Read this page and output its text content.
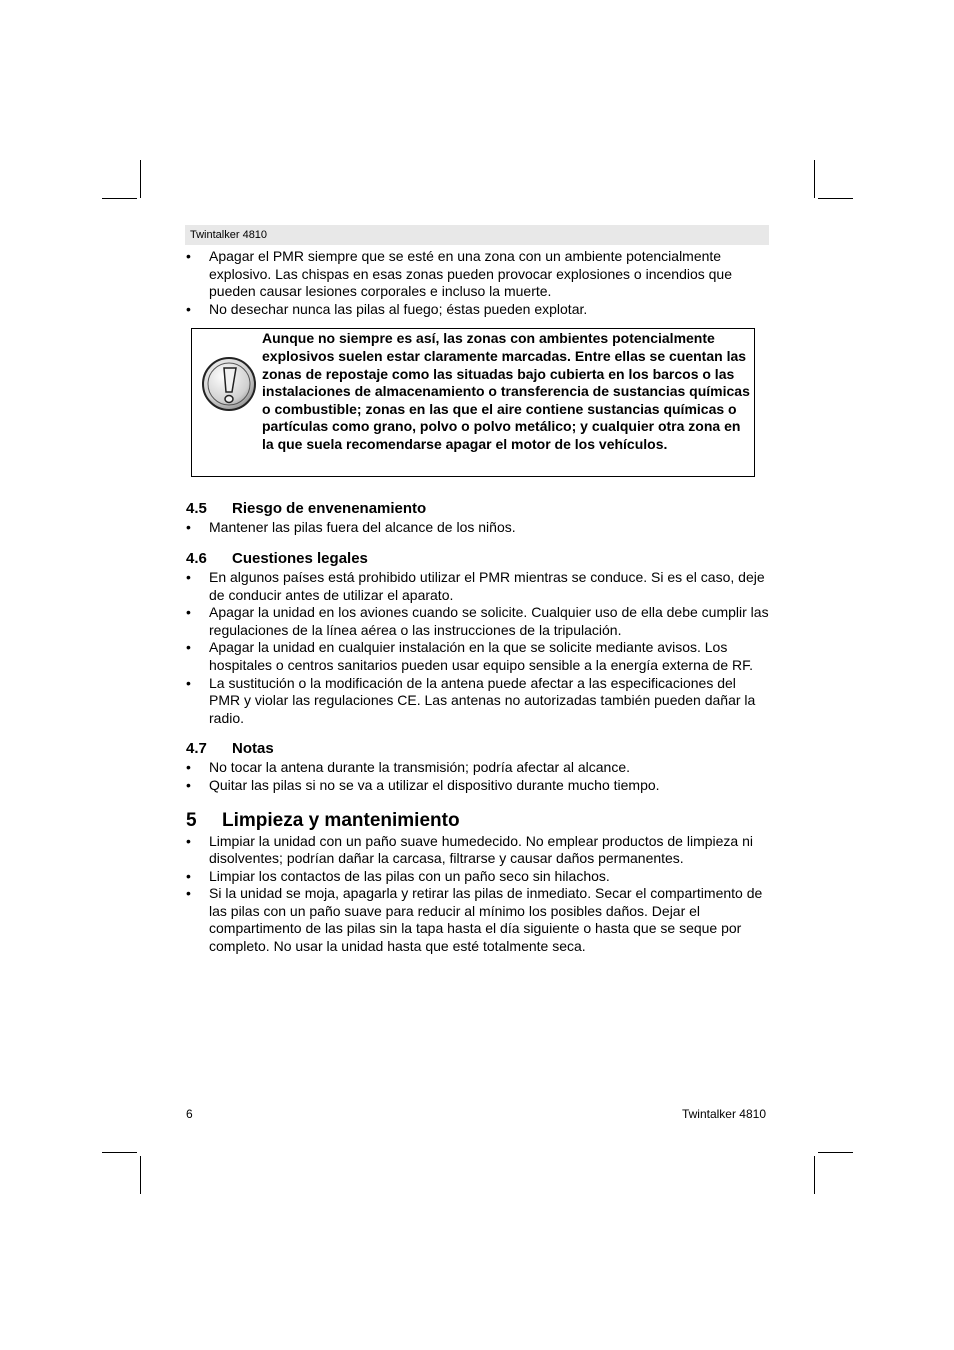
Twintalker 4810
• Apagar el PMR siempre que se esté en una zona con un ambiente potencialmente explosivo. Las chispas en esas zonas pueden provocar explosiones o incendios que pueden causar lesiones corporales e incluso la muerte.
• No desechar nunca las pilas al fuego; éstas pueden explotar.
Aunque no siempre es así, las zonas con ambientes potencialmente explosivos suelen estar claramente marcadas. Entre ellas se cuentan las zonas de repostaje como las situadas bajo cubierta en los barcos o las instalaciones de almacenamiento o transferencia de sustancias químicas o combustible; zonas en las que el aire contiene sustancias químicas o partículas como grano, polvo o polvo metálico; y cualquier otra zona en la que suela recomendarse apagar el motor de los vehículos.
4.5 Riesgo de envenenamiento
• Mantener las pilas fuera del alcance de los niños.
4.6 Cuestiones legales
• En algunos países está prohibido utilizar el PMR mientras se conduce. Si es el caso, deje de conducir antes de utilizar el aparato.
• Apagar la unidad en los aviones cuando se solicite. Cualquier uso de ella debe cumplir las regulaciones de la línea aérea o las instrucciones de la tripulación.
• Apagar la unidad en cualquier instalación en la que se solicite mediante avisos. Los hospitales o centros sanitarios pueden usar equipo sensible a la energía externa de RF.
• La sustitución o la modificación de la antena puede afectar a las especificaciones del PMR y violar las regulaciones CE. Las antenas no autorizadas también pueden dañar la radio.
4.7 Notas
• No tocar la antena durante la transmisión; podría afectar al alcance.
• Quitar las pilas si no se va a utilizar el dispositivo durante mucho tiempo.
5 Limpieza y mantenimiento
• Limpiar la unidad con un paño suave humedecido. No emplear productos de limpieza ni disolventes; podrían dañar la carcasa, filtrarse y causar daños permanentes.
• Limpiar los contactos de las pilas con un paño seco sin hilachos.
• Si la unidad se moja, apagarla y retirar las pilas de inmediato. Secar el compartimento de las pilas con un paño suave para reducir al mínimo los posibles daños. Dejar el compartimento de las pilas sin la tapa hasta el día siguiente o hasta que se seque por completo. No usar la unidad hasta que esté totalmente seca.
6	Twintalker 4810
